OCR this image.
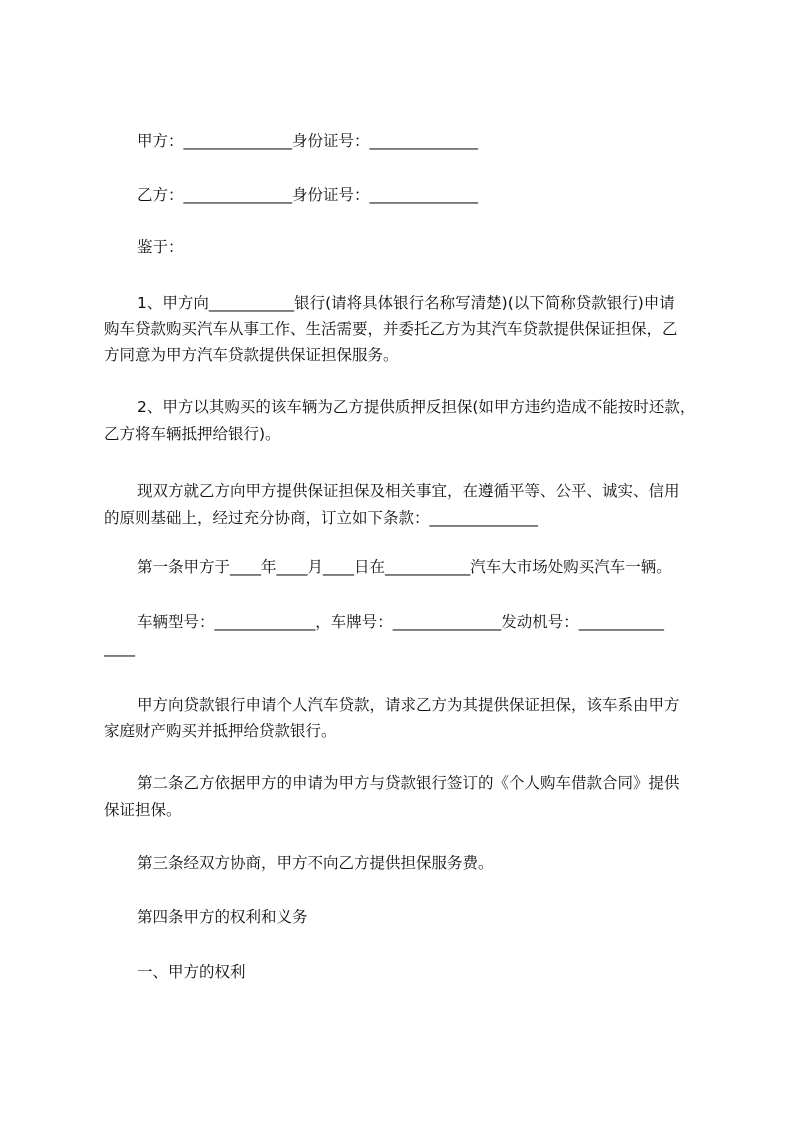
甲方：______________身份证号：______________

乙方：______________身份证号：______________

鉴于：

1、甲方向___________银行(请将具体银行名称写清楚)(以下简称贷款银行)申请

购车贷款购买汽车从事工作、生活需要，并委托乙方为其汽车贷款提供保证担保，乙

方同意为甲方汽车贷款提供保证担保服务。

2、甲方以其购买的该车辆为乙方提供质押反担保(如甲方违约造成不能按时还款，

乙方将车辆抵押给银行)。

现双方就乙方向甲方提供保证担保及相关事宜，在遵循平等、公平、诚实、信用

的原则基础上，经过充分协商，订立如下条款：______________

第一条甲方于____年____月____日在___________汽车大市场处购买汽车一辆。

车辆型号：_____________，车牌号：______________发动机号：___________

____

甲方向贷款银行申请个人汽车贷款，请求乙方为其提供保证担保，该车系由甲方

家庭财产购买并抵押给贷款银行。

第二条乙方依据甲方的申请为甲方与贷款银行签订的《个人购车借款合同》提供

保证担保。

第三条经双方协商，甲方不向乙方提供担保服务费。

第四条甲方的权利和义务

一、甲方的权利
